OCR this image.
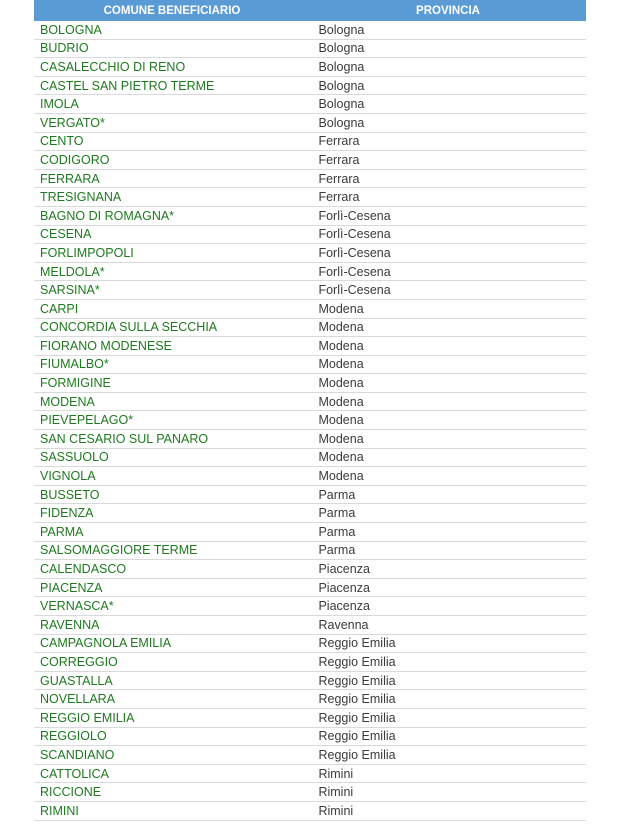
COMUNE BENEFICIARIO	PROVINCIA
BOLOGNA	Bologna
BUDRIO	Bologna
CASALECCHIO DI RENO	Bologna
CASTEL SAN PIETRO TERME	Bologna
IMOLA	Bologna
VERGATO*	Bologna
CENTO	Ferrara
CODIGORO	Ferrara
FERRARA	Ferrara
TRESIGNANA	Ferrara
BAGNO DI ROMAGNA*	Forlì-Cesena
CESENA	Forlì-Cesena
FORLIMPOPOLI	Forlì-Cesena
MELDOLA*	Forlì-Cesena
SARSINA*	Forlì-Cesena
CARPI	Modena
CONCORDIA SULLA SECCHIA	Modena
FIORANO MODENESE	Modena
FIUMALBO*	Modena
FORMIGINE	Modena
MODENA	Modena
PIEVEPELAGO*	Modena
SAN CESARIO SUL PANARO	Modena
SASSUOLO	Modena
VIGNOLA	Modena
BUSSETO	Parma
FIDENZA	Parma
PARMA	Parma
SALSOMAGGIORE TERME	Parma
CALENDASCO	Piacenza
PIACENZA	Piacenza
VERNASCA*	Piacenza
RAVENNA	Ravenna
CAMPAGNOLA EMILIA	Reggio Emilia
CORREGGIO	Reggio Emilia
GUASTALLA	Reggio Emilia
NOVELLARA	Reggio Emilia
REGGIO EMILIA	Reggio Emilia
REGGIOLO	Reggio Emilia
SCANDIANO	Reggio Emilia
CATTOLICA	Rimini
RICCIONE	Rimini
RIMINI	Rimini
